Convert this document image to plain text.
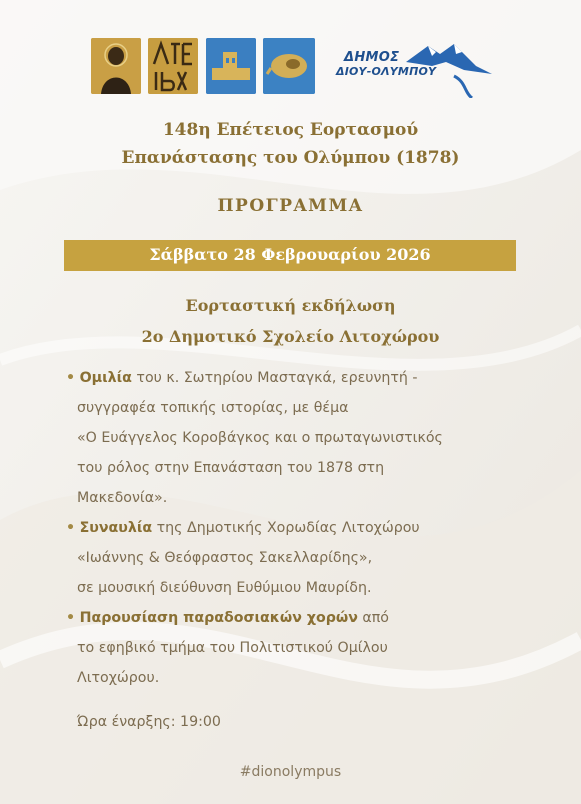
ΔΗΜΟΣ
ΔΙΟΥ-ΟΛΥΜΠΟΥ
148η Επέτειος Εορτασμού
Επανάστασης του Ολύμπου (1878)
ΠΡΟΓΡΑΜΜΑ
Σάββατο 28 Φεβρουαρίου 2026
Εορταστική εκδήλωση
2ο Δημοτικό Σχολείο Λιτοχώρου
• Ομιλία του κ. Σωτηρίου Μασταγκά, ερευνητή -
συγγραφέα τοπικής ιστορίας, με θέμα
«Ο Ευάγγελος Κοροβάγκος και ο πρωταγωνιστικός
του ρόλος στην Επανάσταση του 1878 στη
Μακεδονία».
• Συναυλία της Δημοτικής Χορωδίας Λιτοχώρου
«Ιωάννης & Θεόφραστος Σακελλαρίδης»,
σε μουσική διεύθυνση Ευθύμιου Μαυρίδη.
• Παρουσίαση παραδοσιακών χορών από
το εφηβικό τμήμα του Πολιτιστικού Ομίλου
Λιτοχώρου.
Ώρα έναρξης: 19:00
#dionolympus
